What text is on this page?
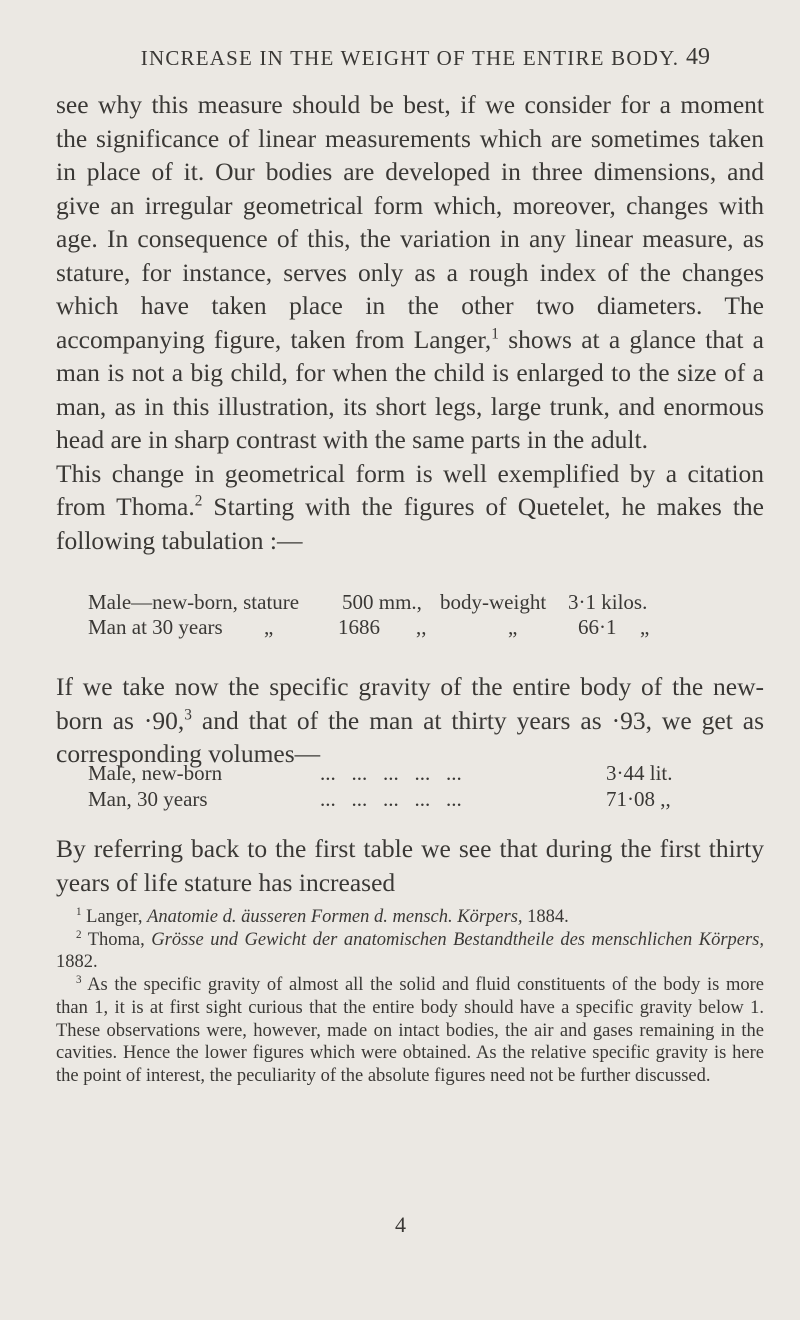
INCREASE IN THE WEIGHT OF THE ENTIRE BODY. 49

see why this measure should be best, if we consider for a moment the significance of linear measurements which are sometimes taken in place of it. Our bodies are developed in three dimensions, and give an irregular geometrical form which, moreover, changes with age. In consequence of this, the variation in any linear measure, as stature, for instance, serves only as a rough index of the changes which have taken place in the other two diameters. The accompanying figure, taken from Langer,$^1$ shows at a glance that a man is not a big child, for when the child is enlarged to the size of a man, as in this illustration, its short legs, large trunk, and enormous head are in sharp contrast with the same parts in the adult.

This change in geometrical form is well exemplified by a citation from Thoma.$^2$ Starting with the figures of Quetelet, he makes the following tabulation :—

Male—new-born, stature 500 mm., body-weight 3·1 kilos.
Man at 30 years „	1686 ,,	„	66·1 „

If we take now the specific gravity of the entire body of the new-born as ·90,$^3$ and that of the man at thirty years as ·93, we get as corresponding volumes—

Male, new-born	...   ...   ...   ...   ...	3·44 lit.
Man, 30 years	...   ...   ...   ...   ...	71·08 ,,

By referring back to the first table we see that during the first thirty years of life stature has increased

$^1$ Langer, Anatomie d. äusseren Formen d. mensch. Körpers, 1884.

$^2$ Thoma, Grösse und Gewicht der anatomischen Bestandtheile des menschlichen Körpers, 1882.

$^3$ As the specific gravity of almost all the solid and fluid constituents of the body is more than 1, it is at first sight curious that the entire body should have a specific gravity below 1. These observations were, however, made on intact bodies, the air and gases remaining in the cavities. Hence the lower figures which were obtained. As the relative specific gravity is here the point of interest, the peculiarity of the absolute figures need not be further discussed.

4
